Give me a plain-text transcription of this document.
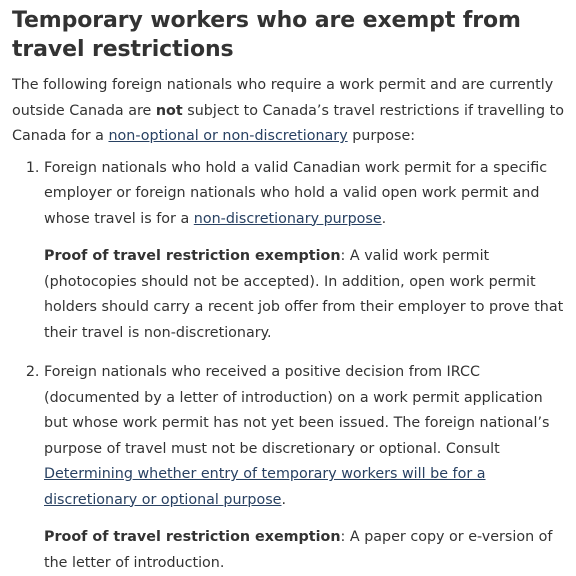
Temporary workers who are exempt from travel restrictions

The following foreign nationals who require a work permit and are currently outside Canada are not subject to Canada’s travel restrictions if travelling to Canada for a non-optional or non-discretionary purpose:

1. Foreign nationals who hold a valid Canadian work permit for a specific employer or foreign nationals who hold a valid open work permit and whose travel is for a non-discretionary purpose.

Proof of travel restriction exemption: A valid work permit (photocopies should not be accepted). In addition, open work permit holders should carry a recent job offer from their employer to prove that their travel is non-discretionary.

2. Foreign nationals who received a positive decision from IRCC (documented by a letter of introduction) on a work permit application but whose work permit has not yet been issued. The foreign national’s purpose of travel must not be discretionary or optional. Consult Determining whether entry of temporary workers will be for a discretionary or optional purpose.

Proof of travel restriction exemption: A paper copy or e-version of the letter of introduction.
